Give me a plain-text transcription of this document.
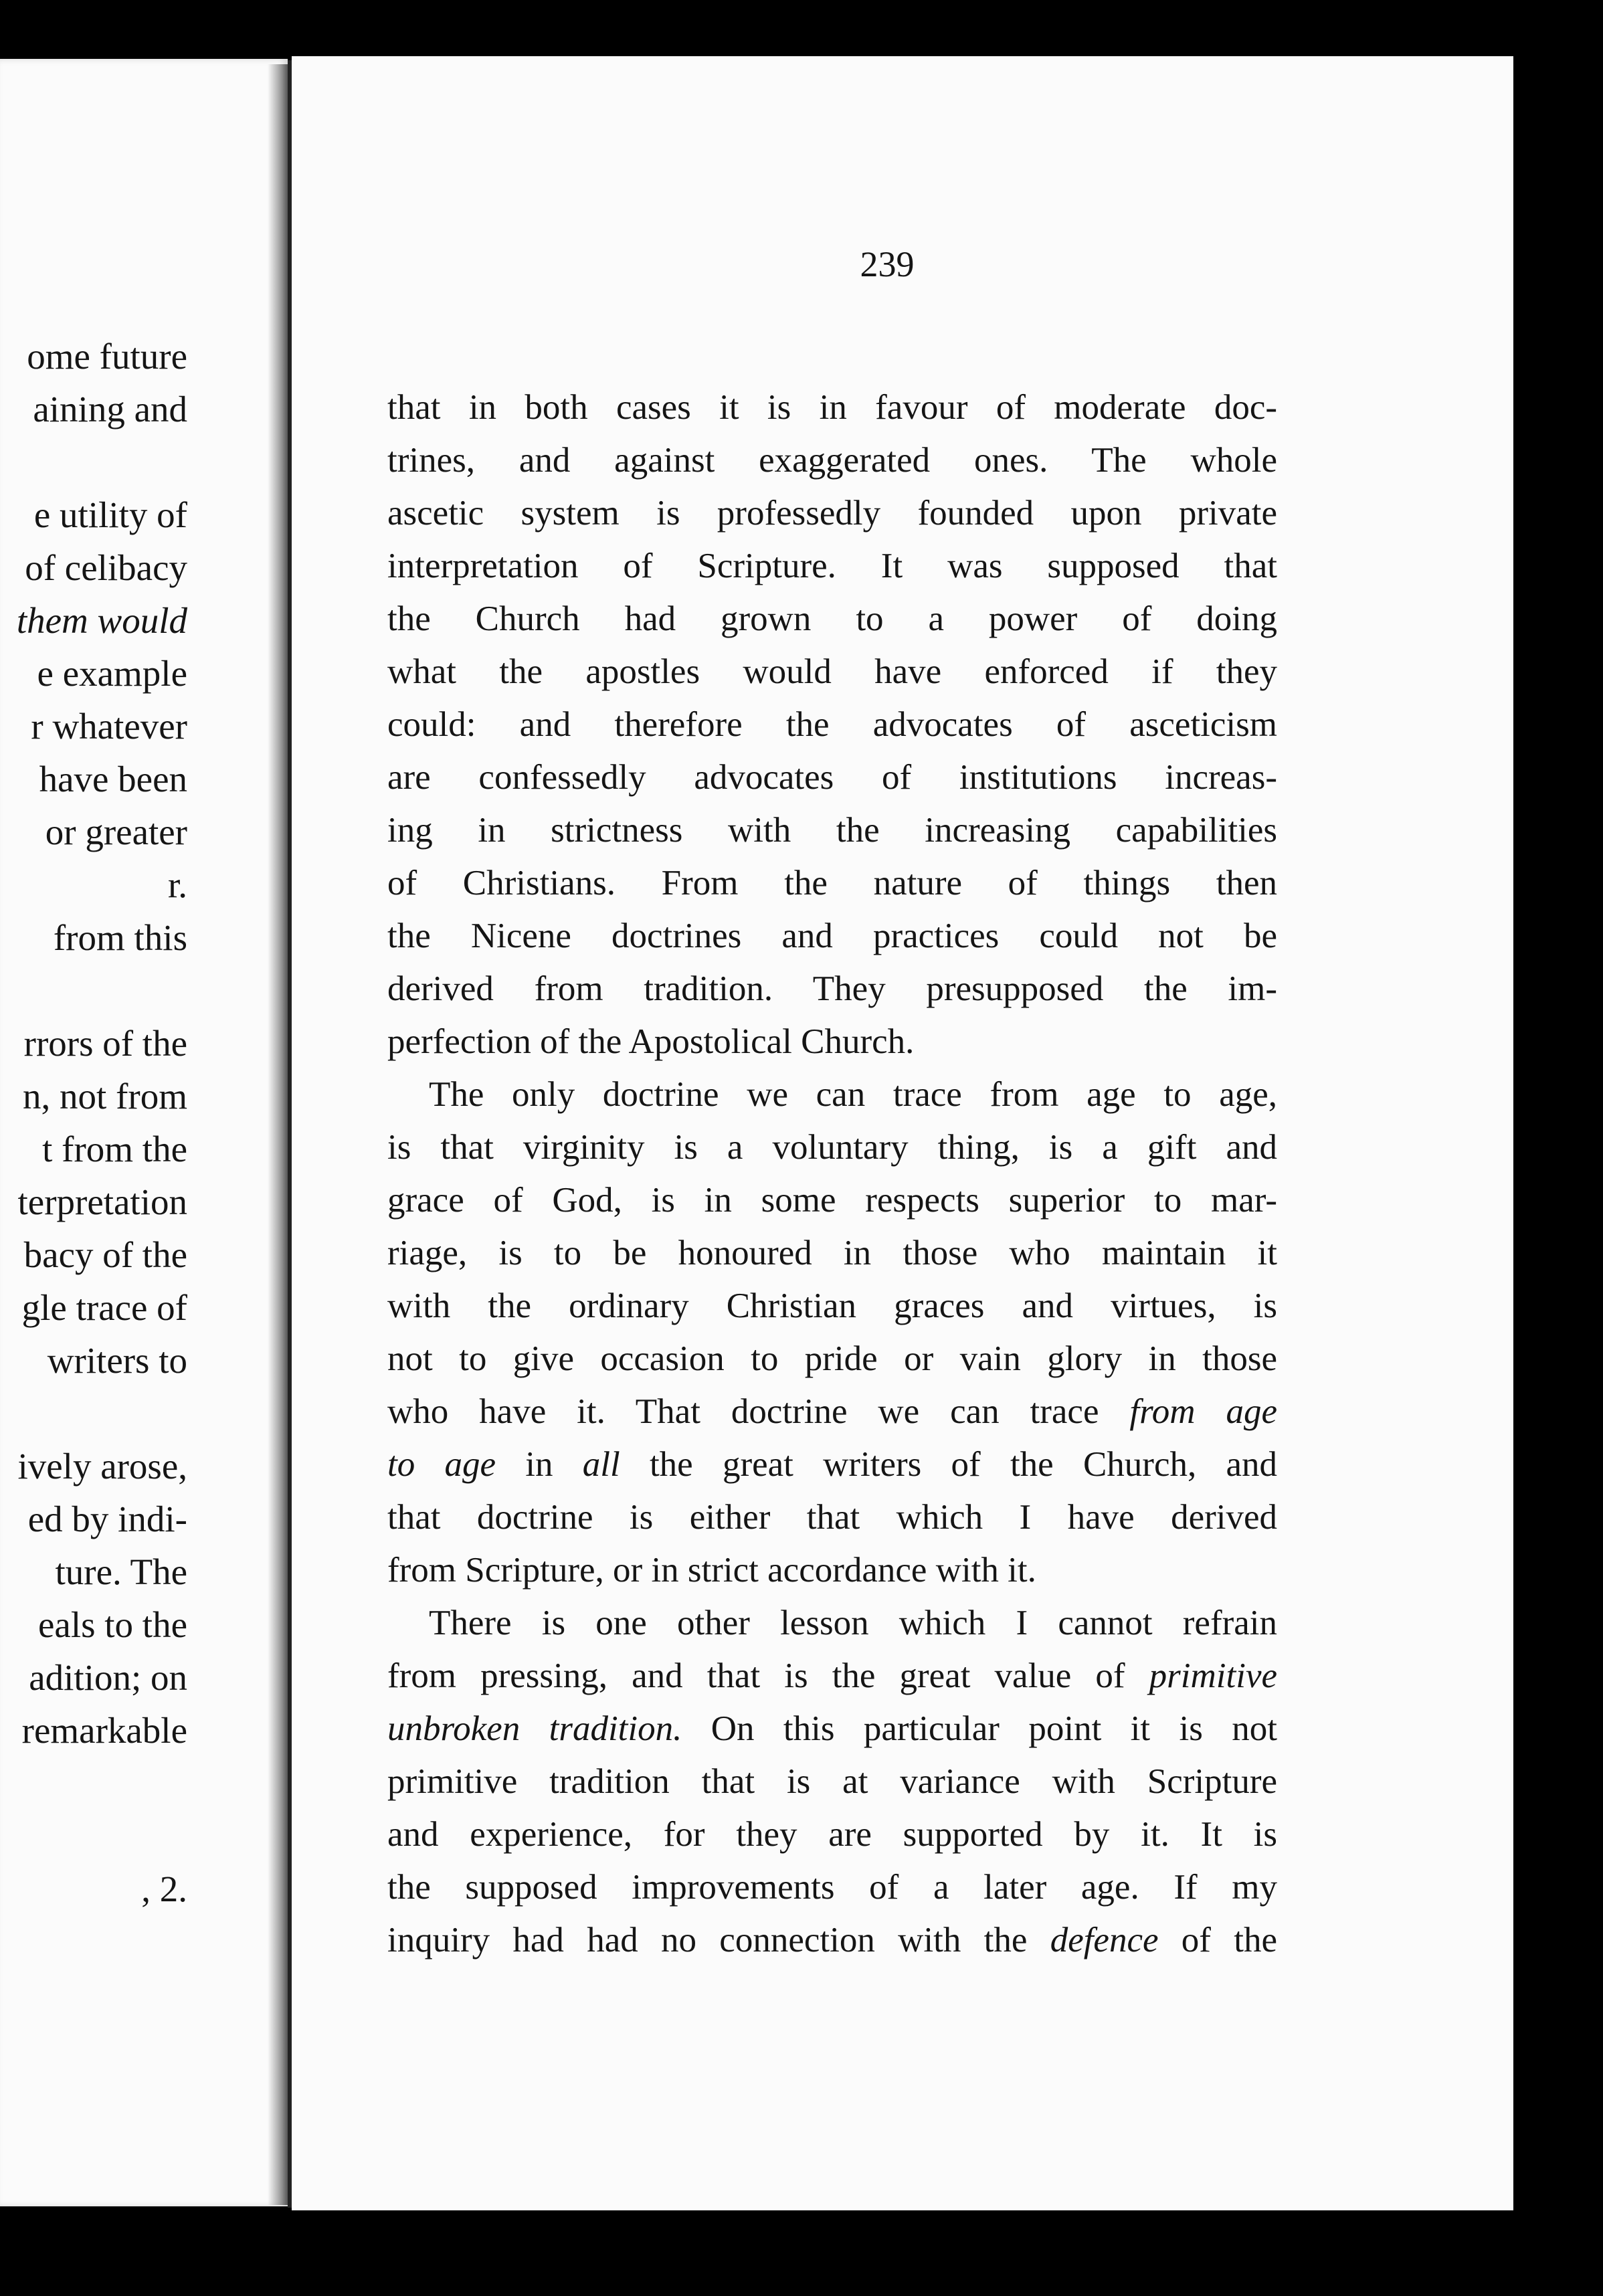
ome future
aining and
e utility of
of celibacy
them would
e example
r whatever
have been
or greater
r.
from this
rrors of the
n, not from
t from the
terpretation
bacy of the
gle trace of
writers to
ively arose,
ed by indi-
ture. The
eals to the
adition; on
remarkable
, 2.
239
that in both cases it is in favour of moderate doc-
trines, and against exaggerated ones. The whole
ascetic system is professedly founded upon private
interpretation of Scripture. It was supposed that
the Church had grown to a power of doing
what the apostles would have enforced if they
could: and therefore the advocates of asceticism
are confessedly advocates of institutions increas-
ing in strictness with the increasing capabilities
of Christians. From the nature of things then
the Nicene doctrines and practices could not be
derived from tradition. They presupposed the im-
perfection of the Apostolical Church.
The only doctrine we can trace from age to age,
is that virginity is a voluntary thing, is a gift and
grace of God, is in some respects superior to mar-
riage, is to be honoured in those who maintain it
with the ordinary Christian graces and virtues, is
not to give occasion to pride or vain glory in those
who have it. That doctrine we can trace from age
to age in all the great writers of the Church, and
that doctrine is either that which I have derived
from Scripture, or in strict accordance with it.
There is one other lesson which I cannot refrain
from pressing, and that is the great value of primitive
unbroken tradition. On this particular point it is not
primitive tradition that is at variance with Scripture
and experience, for they are supported by it. It is
the supposed improvements of a later age. If my
inquiry had had no connection with the defence of the
